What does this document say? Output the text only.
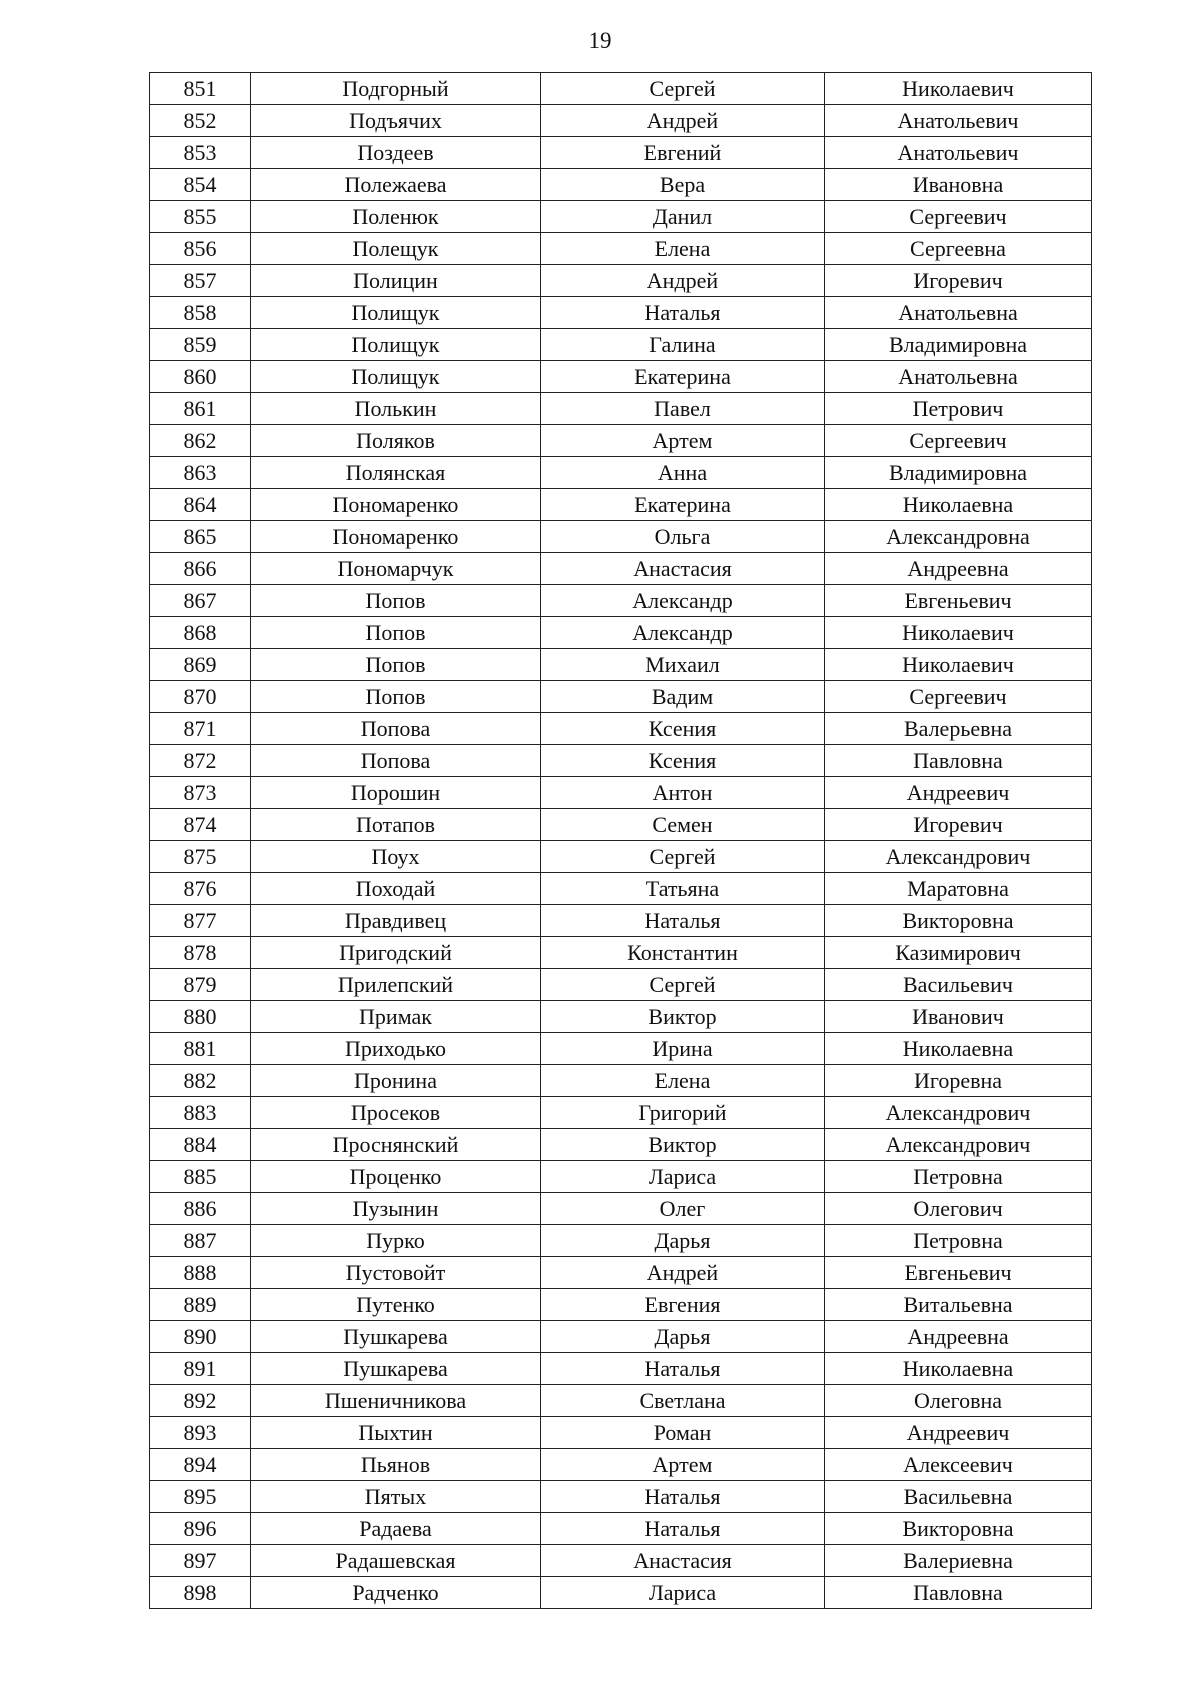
19
851	Подгорный	Сергей	Николаевич
852	Подъячих	Андрей	Анатольевич
853	Поздеев	Евгений	Анатольевич
854	Полежаева	Вера	Ивановна
855	Поленюк	Данил	Сергеевич
856	Полещук	Елена	Сергеевна
857	Полицин	Андрей	Игоревич
858	Полищук	Наталья	Анатольевна
859	Полищук	Галина	Владимировна
860	Полищук	Екатерина	Анатольевна
861	Полькин	Павел	Петрович
862	Поляков	Артем	Сергеевич
863	Полянская	Анна	Владимировна
864	Пономаренко	Екатерина	Николаевна
865	Пономаренко	Ольга	Александровна
866	Пономарчук	Анастасия	Андреевна
867	Попов	Александр	Евгеньевич
868	Попов	Александр	Николаевич
869	Попов	Михаил	Николаевич
870	Попов	Вадим	Сергеевич
871	Попова	Ксения	Валерьевна
872	Попова	Ксения	Павловна
873	Порошин	Антон	Андреевич
874	Потапов	Семен	Игоревич
875	Поух	Сергей	Александрович
876	Походай	Татьяна	Маратовна
877	Правдивец	Наталья	Викторовна
878	Пригодский	Константин	Казимирович
879	Прилепский	Сергей	Васильевич
880	Примак	Виктор	Иванович
881	Приходько	Ирина	Николаевна
882	Пронина	Елена	Игоревна
883	Просеков	Григорий	Александрович
884	Проснянский	Виктор	Александрович
885	Проценко	Лариса	Петровна
886	Пузынин	Олег	Олегович
887	Пурко	Дарья	Петровна
888	Пустовойт	Андрей	Евгеньевич
889	Путенко	Евгения	Витальевна
890	Пушкарева	Дарья	Андреевна
891	Пушкарева	Наталья	Николаевна
892	Пшеничникова	Светлана	Олеговна
893	Пыхтин	Роман	Андреевич
894	Пьянов	Артем	Алексеевич
895	Пятых	Наталья	Васильевна
896	Радаева	Наталья	Викторовна
897	Радашевская	Анастасия	Валериевна
898	Радченко	Лариса	Павловна
